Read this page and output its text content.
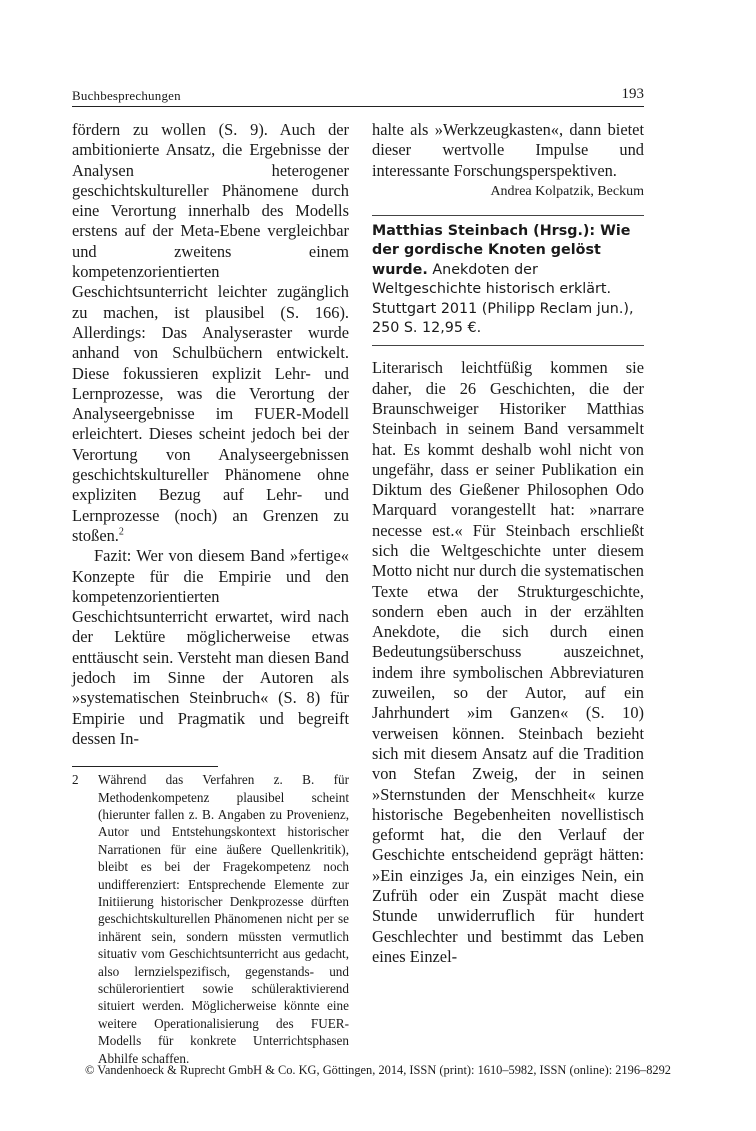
Buchbesprechungen	193

fördern zu wollen (S. 9). Auch der ambitionierte Ansatz, die Ergebnisse der Analysen heterogener geschichtskultureller Phänomene durch eine Verortung innerhalb des Modells erstens auf der Meta-Ebene vergleichbar und zweitens einem kompetenzorientierten Geschichtsunterricht leichter zugänglich zu machen, ist plausibel (S. 166). Allerdings: Das Analyseraster wurde anhand von Schulbüchern entwickelt. Diese fokussieren explizit Lehr- und Lernprozesse, was die Verortung der Analyseergebnisse im FUER-Modell erleichtert. Dieses scheint jedoch bei der Verortung von Analyseergebnissen geschichtskultureller Phänomene ohne expliziten Bezug auf Lehr- und Lernprozesse (noch) an Grenzen zu stoßen.$^2$

Fazit: Wer von diesem Band »fertige« Konzepte für die Empirie und den kompetenzorientierten Geschichtsunterricht erwartet, wird nach der Lektüre möglicherweise etwas enttäuscht sein. Versteht man diesen Band jedoch im Sinne der Autoren als »systematischen Steinbruch« (S. 8) für Empirie und Pragmatik und begreift dessen In-

2 Während das Verfahren z. B. für Methodenkompetenz plausibel scheint (hierunter fallen z. B. Angaben zu Provenienz, Autor und Entstehungskontext historischer Narrationen für eine äußere Quellenkritik), bleibt es bei der Fragekompetenz noch undifferenziert: Entsprechende Elemente zur Initiierung historischer Denkprozesse dürften geschichtskulturellen Phänomenen nicht per se inhärent sein, sondern müssten vermutlich situativ vom Geschichtsunterricht aus gedacht, also lernzielspezifisch, gegenstands- und schülerorientiert sowie schüleraktivierend situiert werden. Möglicherweise könnte eine weitere Operationalisierung des FUER-Modells für konkrete Unterrichtsphasen Abhilfe schaffen.

halte als »Werkzeugkasten«, dann bietet dieser wertvolle Impulse und interessante Forschungsperspektiven.

Andrea Kolpatzik, Beckum
Matthias Steinbach (Hrsg.): Wie der gordische Knoten gelöst wurde. Anekdoten der Weltgeschichte historisch erklärt. Stuttgart 2011 (Philipp Reclam jun.), 250 S. 12,95 €.

Literarisch leichtfüßig kommen sie daher, die 26 Geschichten, die der Braunschweiger Historiker Matthias Steinbach in seinem Band versammelt hat. Es kommt deshalb wohl nicht von ungefähr, dass er seiner Publikation ein Diktum des Gießener Philosophen Odo Marquard vorangestellt hat: »narrare necesse est.« Für Steinbach erschließt sich die Weltgeschichte unter diesem Motto nicht nur durch die systematischen Texte etwa der Strukturgeschichte, sondern eben auch in der erzählten Anekdote, die sich durch einen Bedeutungsüberschuss auszeichnet, indem ihre symbolischen Abbreviaturen zuweilen, so der Autor, auf ein Jahrhundert »im Ganzen« (S. 10) verweisen können. Steinbach bezieht sich mit diesem Ansatz auf die Tradition von Stefan Zweig, der in seinen »Sternstunden der Menschheit« kurze historische Begebenheiten novellistisch geformt hat, die den Verlauf der Geschichte entscheidend geprägt hätten: »Ein einziges Ja, ein einziges Nein, ein Zufrüh oder ein Zuspät macht diese Stunde unwiderruflich für hundert Geschlechter und bestimmt das Leben eines Einzel-

© Vandenhoeck & Ruprecht GmbH & Co. KG, Göttingen, 2014, ISSN (print): 1610–5982, ISSN (online): 2196–8292
